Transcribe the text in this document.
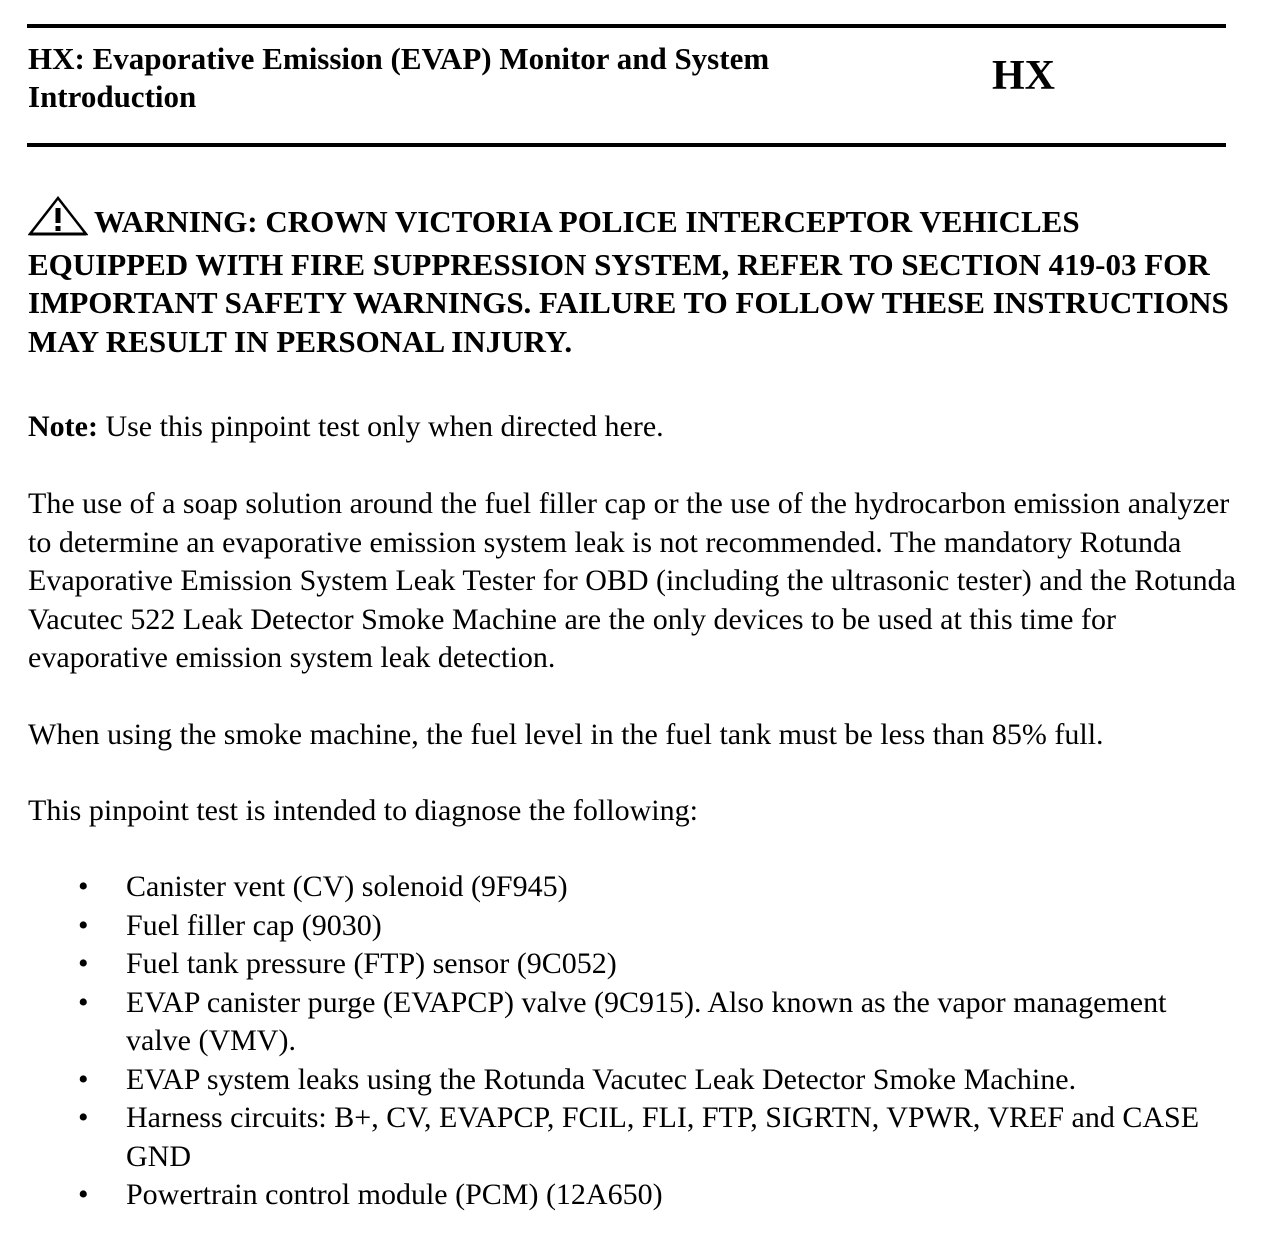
HX: Evaporative Emission (EVAP) Monitor and System
Introduction	HX
WARNING: CROWN VICTORIA POLICE INTERCEPTOR VEHICLES EQUIPPED WITH FIRE SUPPRESSION SYSTEM, REFER TO SECTION 419-03 FOR IMPORTANT SAFETY WARNINGS. FAILURE TO FOLLOW THESE INSTRUCTIONS MAY RESULT IN PERSONAL INJURY.
Note: Use this pinpoint test only when directed here.
The use of a soap solution around the fuel filler cap or the use of the hydrocarbon emission analyzer to determine an evaporative emission system leak is not recommended. The mandatory Rotunda Evaporative Emission System Leak Tester for OBD (including the ultrasonic tester) and the Rotunda Vacutec 522 Leak Detector Smoke Machine are the only devices to be used at this time for evaporative emission system leak detection.
When using the smoke machine, the fuel level in the fuel tank must be less than 85% full.
This pinpoint test is intended to diagnose the following:
• Canister vent (CV) solenoid (9F945)
• Fuel filler cap (9030)
• Fuel tank pressure (FTP) sensor (9C052)
• EVAP canister purge (EVAPCP) valve (9C915). Also known as the vapor management valve (VMV).
• EVAP system leaks using the Rotunda Vacutec Leak Detector Smoke Machine.
• Harness circuits: B+, CV, EVAPCP, FCIL, FLI, FTP, SIGRTN, VPWR, VREF and CASE GND
• Powertrain control module (PCM) (12A650)
